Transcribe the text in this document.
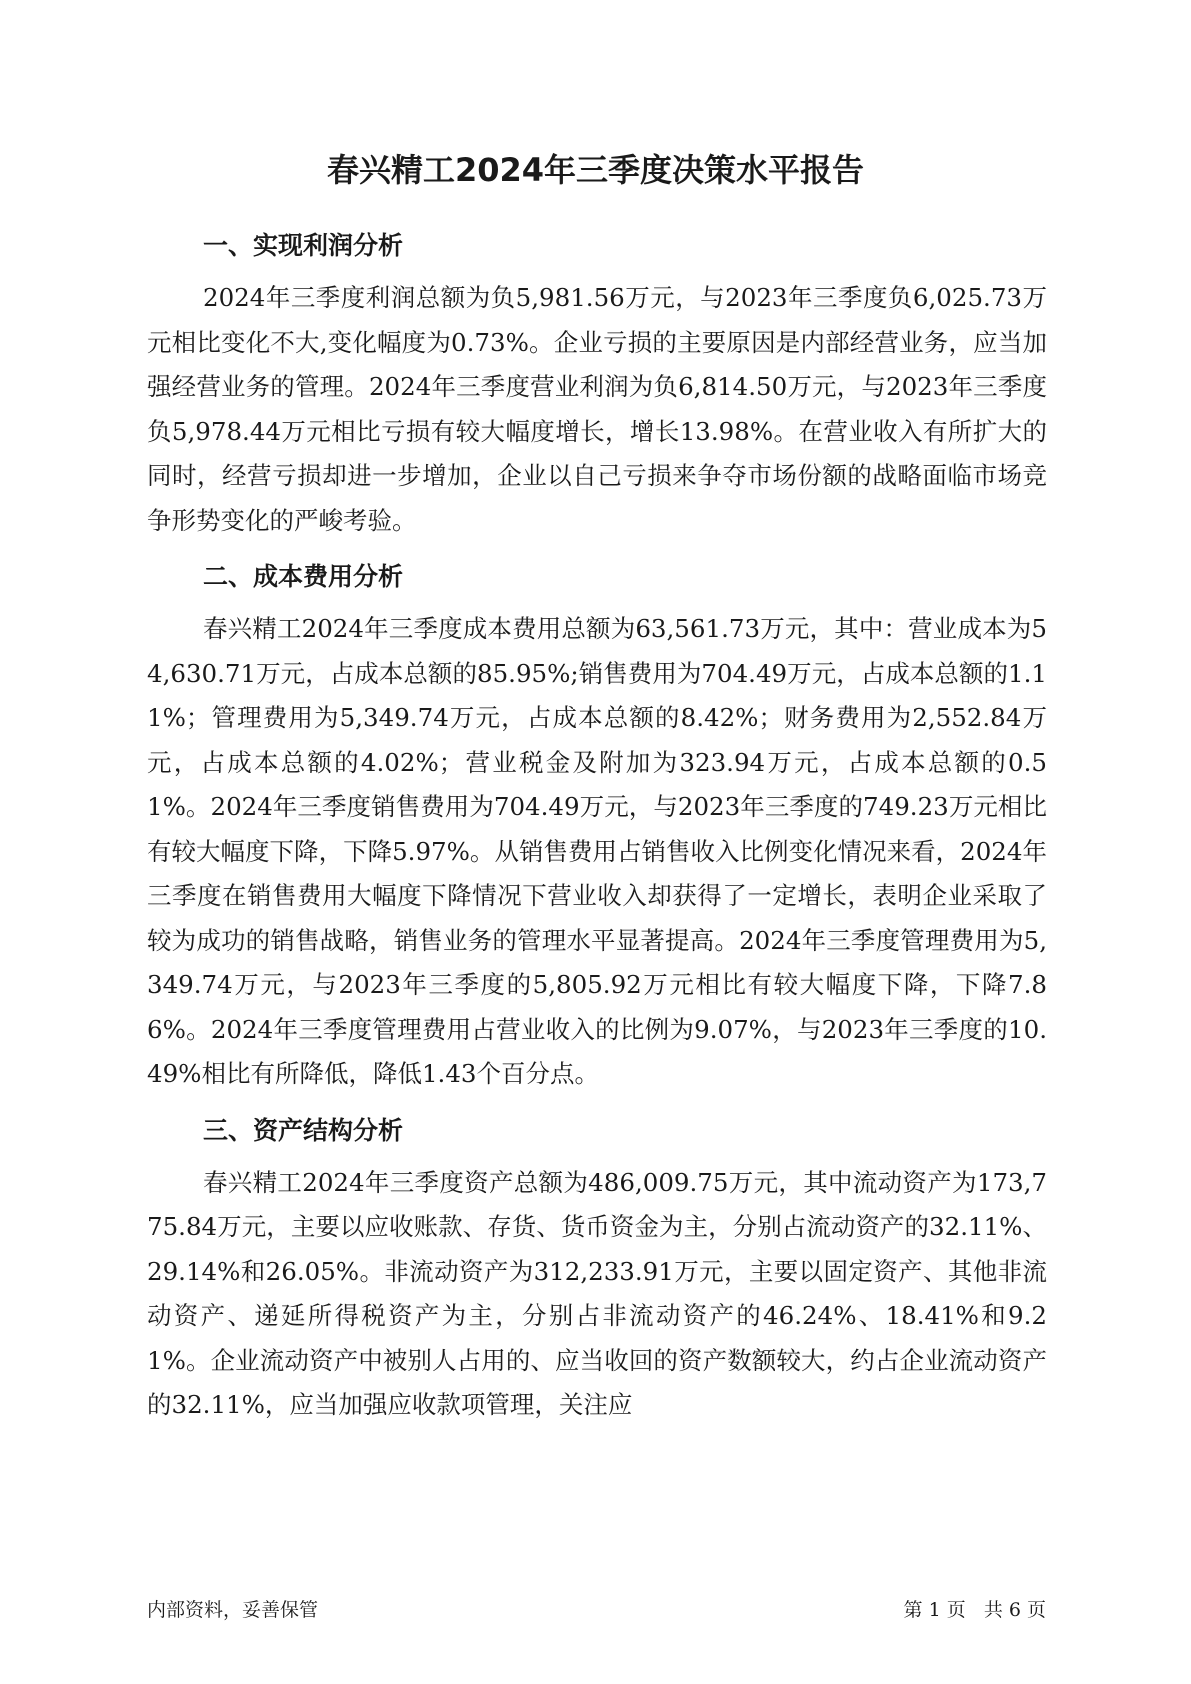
春兴精工2024年三季度决策水平报告
一、实现利润分析

2024年三季度利润总额为负5,981.56万元，与2023年三季度负6,025.73万元相比变化不大,变化幅度为0.73%。企业亏损的主要原因是内部经营业务，应当加强经营业务的管理。2024年三季度营业利润为负6,814.50万元，与2023年三季度负5,978.44万元相比亏损有较大幅度增长，增长13.98%。在营业收入有所扩大的同时，经营亏损却进一步增加，企业以自己亏损来争夺市场份额的战略面临市场竞争形势变化的严峻考验。

二、成本费用分析

春兴精工2024年三季度成本费用总额为63,561.73万元，其中：营业成本为54,630.71万元，占成本总额的85.95%;销售费用为704.49万元，占成本总额的1.11%；管理费用为5,349.74万元，占成本总额的8.42%；财务费用为2,552.84万元，占成本总额的4.02%；营业税金及附加为323.94万元，占成本总额的0.51%。2024年三季度销售费用为704.49万元，与2023年三季度的749.23万元相比有较大幅度下降，下降5.97%。从销售费用占销售收入比例变化情况来看，2024年三季度在销售费用大幅度下降情况下营业收入却获得了一定增长，表明企业采取了较为成功的销售战略，销售业务的管理水平显著提高。2024年三季度管理费用为5,349.74万元，与2023年三季度的5,805.92万元相比有较大幅度下降，下降7.86%。2024年三季度管理费用占营业收入的比例为9.07%，与2023年三季度的10.49%相比有所降低，降低1.43个百分点。

三、资产结构分析

春兴精工2024年三季度资产总额为486,009.75万元，其中流动资产为173,775.84万元，主要以应收账款、存货、货币资金为主，分别占流动资产的32.11%、29.14%和26.05%。非流动资产为312,233.91万元，主要以固定资产、其他非流动资产、递延所得税资产为主，分别占非流动资产的46.24%、18.41%和9.21%。企业流动资产中被别人占用的、应当收回的资产数额较大，约占企业流动资产的32.11%，应当加强应收款项管理，关注应

内部资料，妥善保管	第 1 页   共 6 页
